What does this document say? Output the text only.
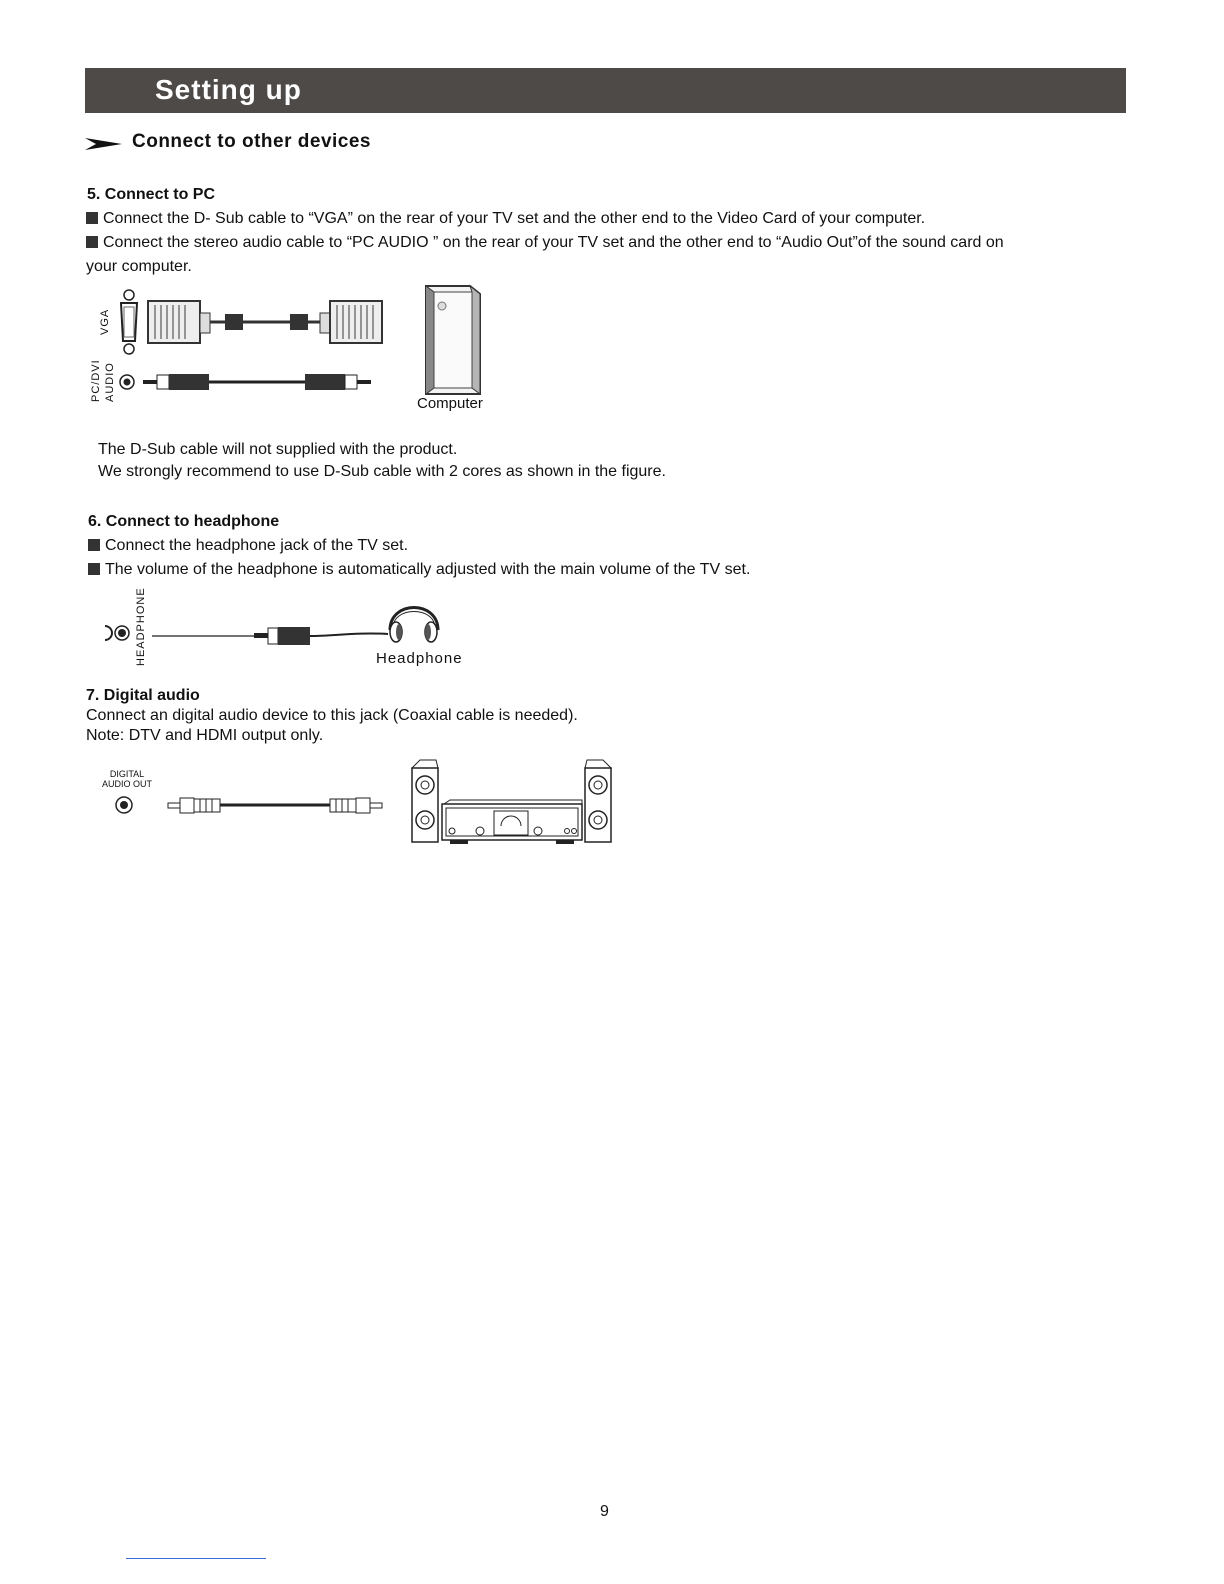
Setting up
Connect to other devices
5. Connect to PC
Connect the D- Sub cable to “VGA” on the rear of your TV set and the other end to the Video Card of your computer.
Connect the stereo audio cable to “PC AUDIO ” on the rear of your TV set and the other end to “Audio Out”of the sound card on
your computer.
VGA
PC/DVI AUDIO
Computer
The D-Sub cable will not supplied with the product.
We strongly recommend to use D-Sub cable with 2 cores as shown in the figure.
6. Connect to headphone
Connect the headphone jack of the TV set.
The volume of the headphone is automatically adjusted with the main volume of the TV set.
HEADPHONE	Headphone
7. Digital audio
Connect an digital audio device to this jack (Coaxial cable is needed).
Note: DTV and HDMI output only.
DIGITAL
AUDIO OUT
9
